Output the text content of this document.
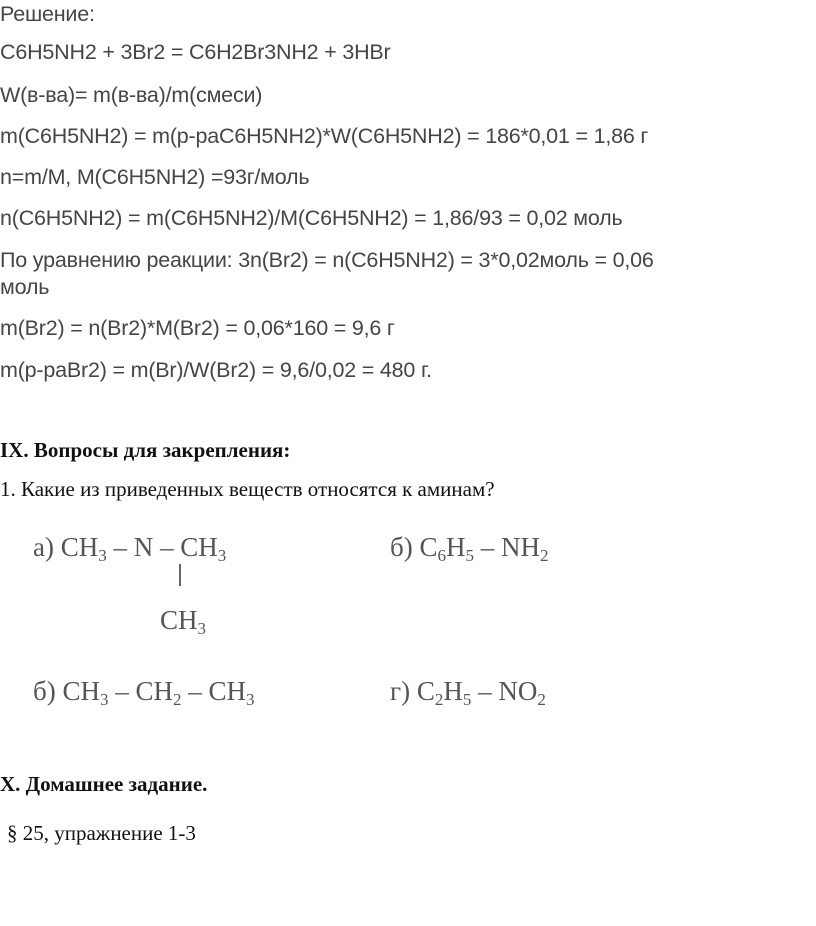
Решение:
C6H5NH2 + 3Br2 = C6H2Br3NH2 + 3HBr
W(в-ва)= m(в-ва)/m(смеси)
m(C6H5NH2) = m(р-раC6H5NH2)*W(C6H5NH2) = 186*0,01 = 1,86 г
n=m/M, M(C6H5NH2) =93г/моль
n(C6H5NH2) = m(C6H5NH2)/M(C6H5NH2) = 1,86/93 = 0,02 моль
По уравнению реакции: 3n(Br2) = n(C6H5NH2) = 3*0,02моль = 0,06
моль
m(Br2) = n(Br2)*M(Br2) = 0,06*160 = 9,6 г
m(р-раBr2) = m(Br)/W(Br2) = 9,6/0,02 = 480 г.
IX. Вопросы для закрепления:
1. Какие из приведенных веществ относятся к аминам?
а) $CH_3$ – N – $CH_3$
$CH_3$
б) $C_6H_5 - NH_2$
б) $CH_3 - CH_2 - CH_3$	г) $C_2H_5 - NO_2$
X. Домашнее задание.
§ 25, упражнение 1-3
